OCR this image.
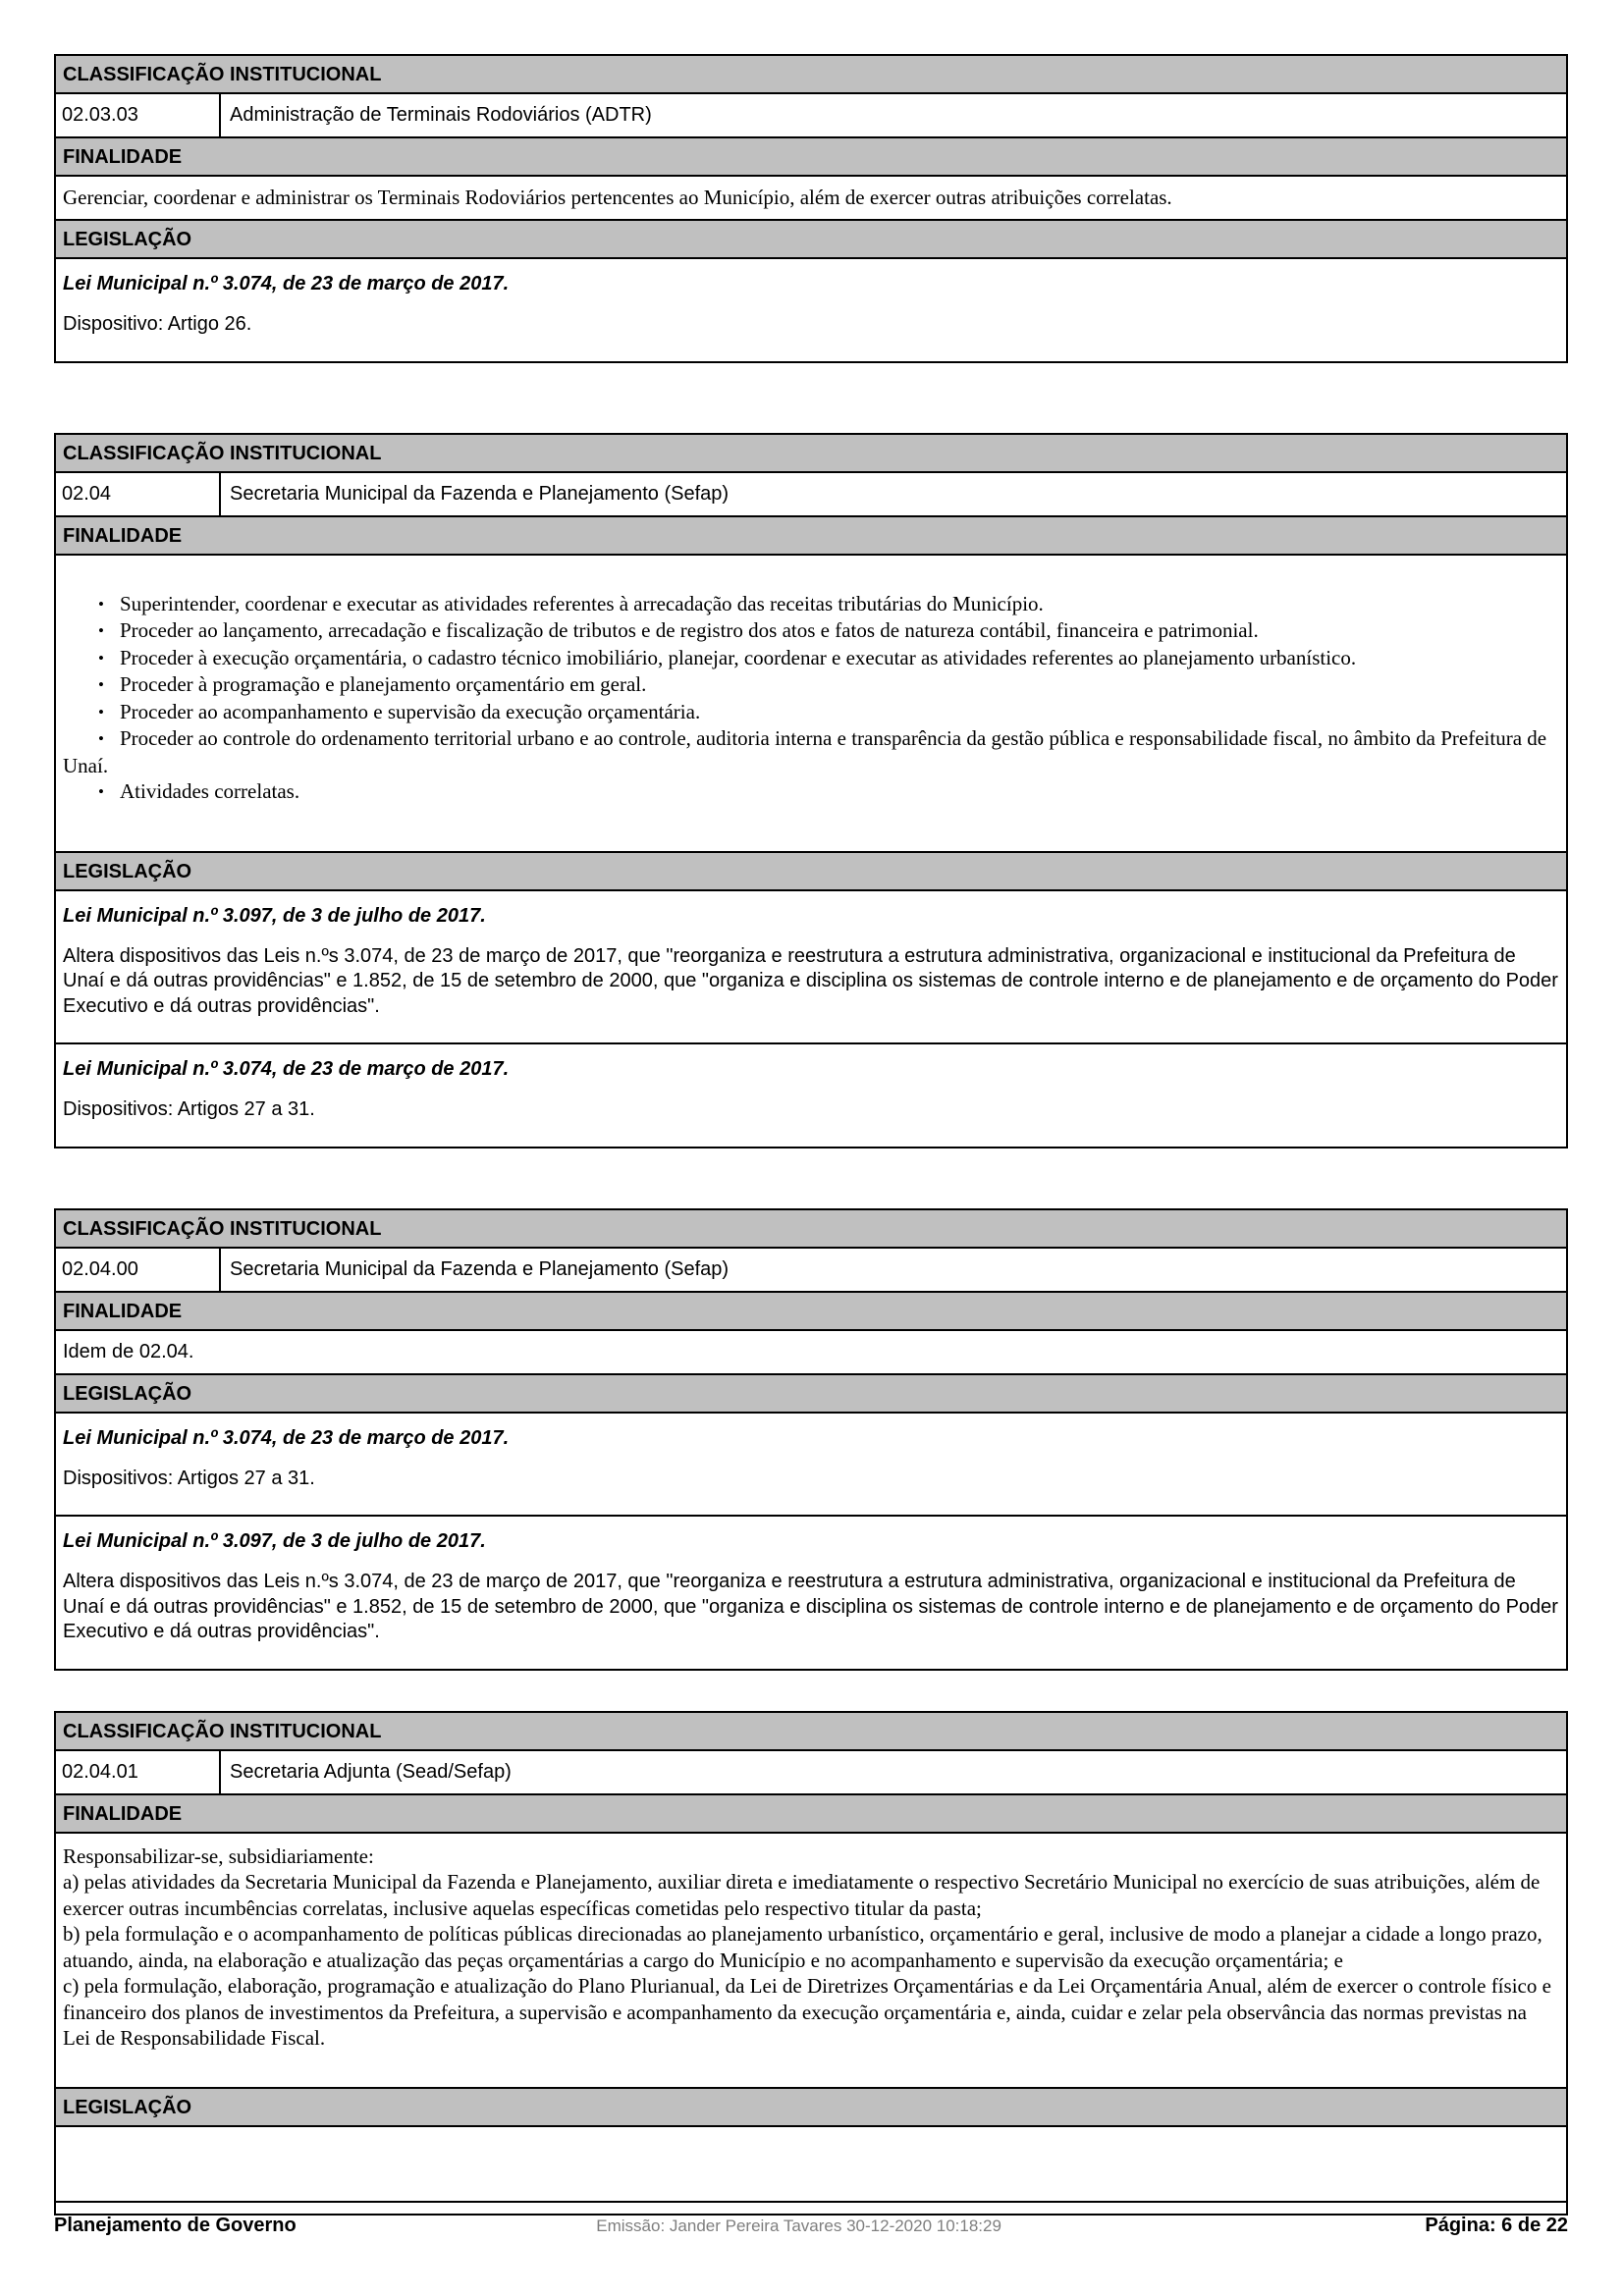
CLASSIFICAÇÃO INSTITUCIONAL
02.03.03	Administração de Terminais Rodoviários (ADTR)
FINALIDADE
Gerenciar, coordenar e administrar os Terminais Rodoviários pertencentes ao Município, além de exercer outras atribuições correlatas.
LEGISLAÇÃO

Lei Municipal n.º 3.074, de 23 de março de 2017.

Dispositivo: Artigo 26.

CLASSIFICAÇÃO INSTITUCIONAL
02.04	Secretaria Municipal da Fazenda e Planejamento (Sefap)
FINALIDADE
• Superintender, coordenar e executar as atividades referentes à arrecadação das receitas tributárias do Município.
• Proceder ao lançamento, arrecadação e fiscalização de tributos e de registro dos atos e fatos de natureza contábil, financeira e patrimonial.
• Proceder à execução orçamentária, o cadastro técnico imobiliário, planejar, coordenar e executar as atividades referentes ao planejamento urbanístico.
• Proceder à programação e planejamento orçamentário em geral.
• Proceder ao acompanhamento e supervisão da execução orçamentária.
• Proceder ao controle do ordenamento territorial urbano e ao controle, auditoria interna e transparência da gestão pública e responsabilidade fiscal, no âmbito da Prefeitura de Unaí.
• Atividades correlatas.
LEGISLAÇÃO

Lei Municipal n.º 3.097, de 3 de julho de 2017.

Altera dispositivos das Leis n.ºs 3.074, de 23 de março de 2017, que "reorganiza e reestrutura a estrutura administrativa, organizacional e institucional da Prefeitura de Unaí e dá outras providências" e 1.852, de 15 de setembro de 2000, que "organiza e disciplina os sistemas de controle interno e de planejamento e de orçamento do Poder Executivo e dá outras providências".

Lei Municipal n.º 3.074, de 23 de março de 2017.

Dispositivos: Artigos 27 a 31.

CLASSIFICAÇÃO INSTITUCIONAL
02.04.00	Secretaria Municipal da Fazenda e Planejamento (Sefap)
FINALIDADE
Idem de 02.04.
LEGISLAÇÃO

Lei Municipal n.º 3.074, de 23 de março de 2017.

Dispositivos: Artigos 27 a 31.

Lei Municipal n.º 3.097, de 3 de julho de 2017.

Altera dispositivos das Leis n.ºs 3.074, de 23 de março de 2017, que "reorganiza e reestrutura a estrutura administrativa, organizacional e institucional da Prefeitura de Unaí e dá outras providências" e 1.852, de 15 de setembro de 2000, que "organiza e disciplina os sistemas de controle interno e de planejamento e de orçamento do Poder Executivo e dá outras providências".

CLASSIFICAÇÃO INSTITUCIONAL
02.04.01	Secretaria Adjunta (Sead/Sefap)
FINALIDADE

Responsabilizar-se, subsidiariamente:

a) pelas atividades da Secretaria Municipal da Fazenda e Planejamento, auxiliar direta e imediatamente o respectivo Secretário Municipal no exercício de suas atribuições, além de exercer outras incumbências correlatas, inclusive aquelas específicas cometidas pelo respectivo titular da pasta;

b) pela formulação e o acompanhamento de políticas públicas direcionadas ao planejamento urbanístico, orçamentário e geral, inclusive de modo a planejar a cidade a longo prazo, atuando, ainda, na elaboração e atualização das peças orçamentárias a cargo do Município e no acompanhamento e supervisão da execução orçamentária; e

c) pela formulação, elaboração, programação e atualização do Plano Plurianual, da Lei de Diretrizes Orçamentárias e da Lei Orçamentária Anual, além de exercer o controle físico e financeiro dos planos de investimentos da Prefeitura, a supervisão e acompanhamento da execução orçamentária e, ainda, cuidar e zelar pela observância das normas previstas na Lei de Responsabilidade Fiscal.

LEGISLAÇÃO
Planejamento de Governo	Emissão: Jander Pereira Tavares 30-12-2020 10:18:29	Página: 6 de 22
